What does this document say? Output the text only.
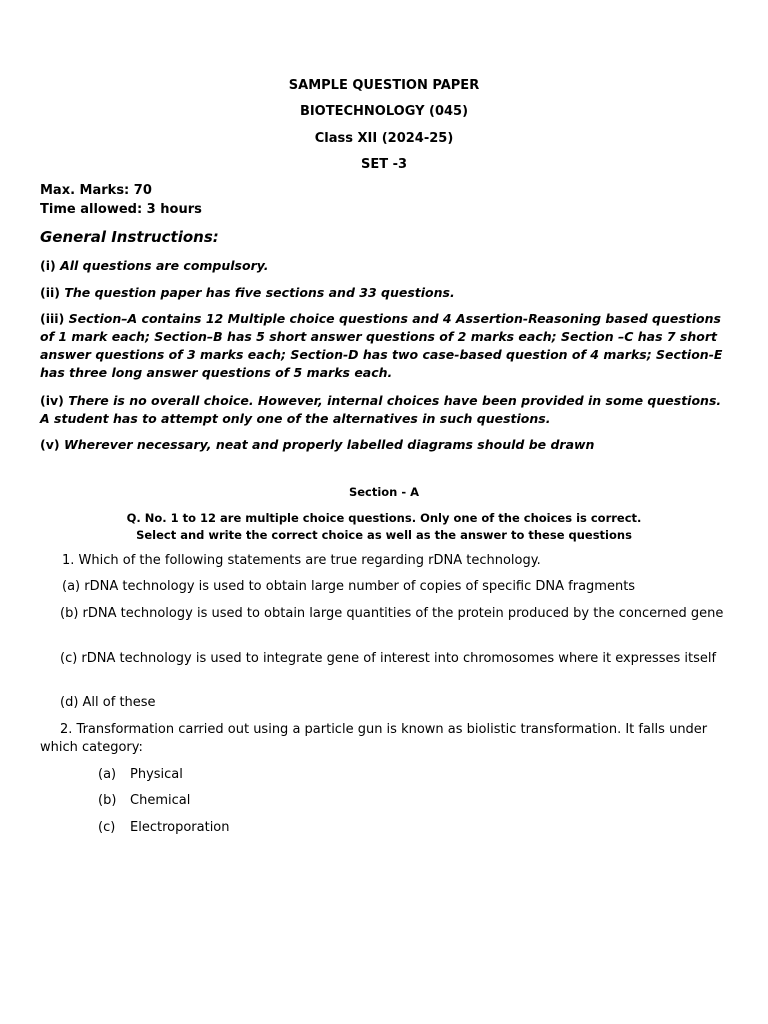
SAMPLE QUESTION PAPER
BIOTECHNOLOGY (045)
Class XII (2024-25)
SET -3
Max. Marks: 70
Time allowed: 3 hours
General Instructions:
(i) All questions are compulsory.
(ii) The question paper has five sections and 33 questions.
(iii) Section–A contains 12 Multiple choice questions and 4 Assertion-Reasoning based questions of 1 mark each; Section–B has 5 short answer questions of 2 marks each; Section –C has 7 short answer questions of 3 marks each; Section-D has two case-based question of 4 marks; Section-E has three long answer questions of 5 marks each.
(iv) There is no overall choice. However, internal choices have been provided in some questions. A student has to attempt only one of the alternatives in such questions.
(v) Wherever necessary, neat and properly labelled diagrams should be drawn
Section - A
Q. No. 1 to 12 are multiple choice questions. Only one of the choices is correct.
Select and write the correct choice as well as the answer to these questions
1. Which of the following statements are true regarding rDNA technology.
(a) rDNA technology is used to obtain large number of copies of specific DNA fragments
(b) rDNA technology is used to obtain large quantities of the protein produced by the concerned gene
(c) rDNA technology is used to integrate gene of interest into chromosomes where it expresses itself
(d) All of these
2. Transformation carried out using a particle gun is known as biolistic transformation. It falls under which category:
(a) Physical
(b) Chemical
(c) Electroporation
